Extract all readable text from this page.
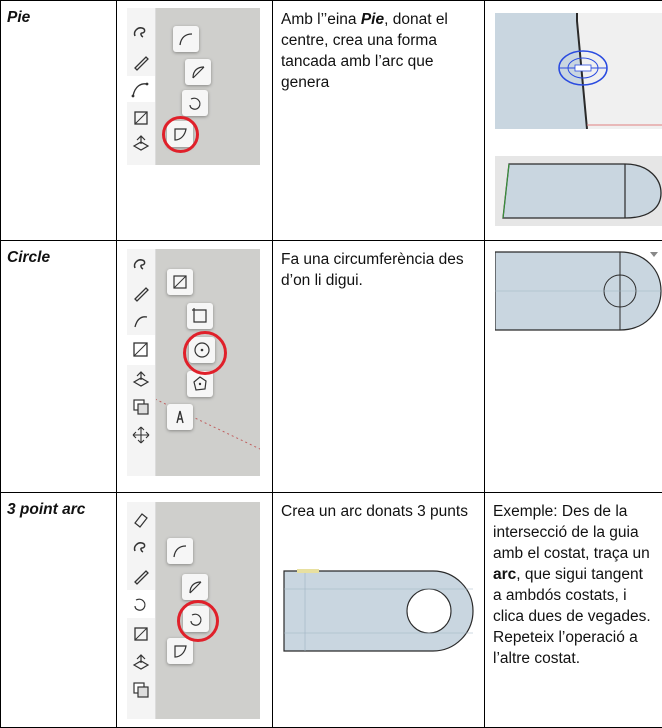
Pie		Amb l’’eina Pie, donat el centre, crea una forma tancada amb l’arc que genera

Circle		Fa una circumferència des d’on li digui.

3 point arc		Crea un arc donats 3 punts	Exemple: Des de la intersecció de la guia amb el costat, traça un arc, que sigui tangent a ambdós costats, i clica dues de vegades. Repeteix l’operació a l’altre costat.
